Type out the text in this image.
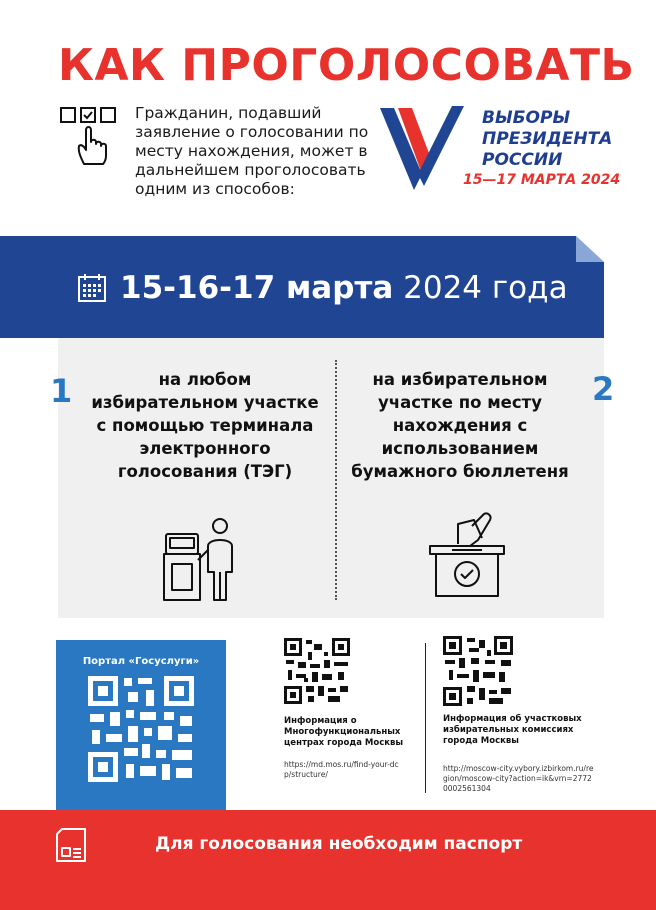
КАК ПРОГОЛОСОВАТЬ
Гражданин, подавший заявление о голосовании по месту нахождения, может в дальнейшем проголосовать одним из способов:
ВЫБОРЫ
ПРЕЗИДЕНТА
РОССИИ
15—17 МАРТА 2024
15-16-17 марта 2024 года
1	на любом избирательном участке с помощью терминала электронного голосования (ТЭГ)
2
на избирательном участке по месту нахождения с использованием бумажного бюллетеня
Портал «Госуслуги»
Информация о Многофункциональных центрах города Москвы
https://md.mos.ru/find-your-dcp/structure/
Информация об участковых избирательных комиссиях города Москвы
http://moscow-city.vybory.izbirkom.ru/region/moscow-city?action=ik&vrn=27720002561304
Для голосования необходим паспорт
